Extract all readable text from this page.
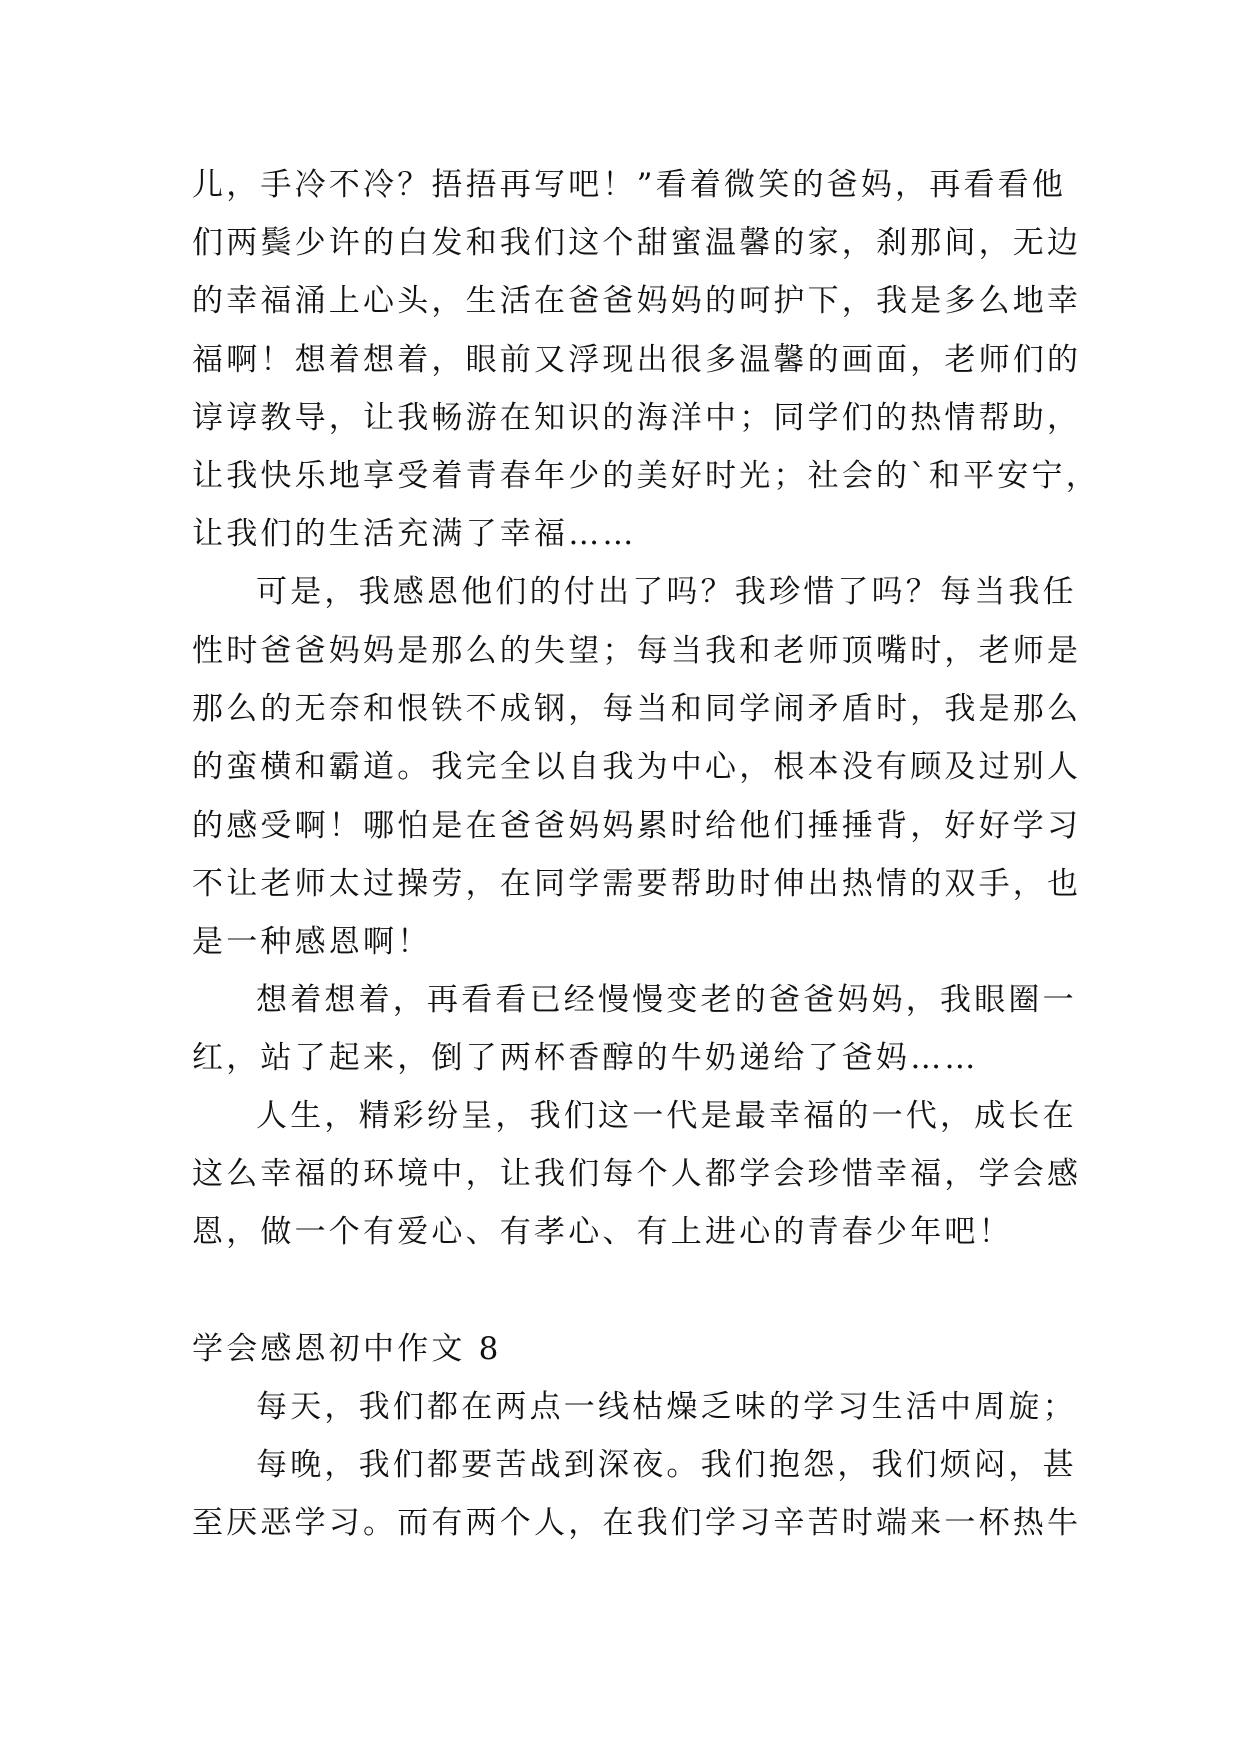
儿，手冷不冷？捂捂再写吧！”看着微笑的爸妈，再看看他
们两鬓少许的白发和我们这个甜蜜温馨的家，刹那间，无边
的幸福涌上心头，生活在爸爸妈妈的呵护下，我是多么地幸
福啊！想着想着，眼前又浮现出很多温馨的画面，老师们的
谆谆教导，让我畅游在知识的海洋中；同学们的热情帮助，
让我快乐地享受着青春年少的美好时光；社会的`和平安宁，
让我们的生活充满了幸福……
可是，我感恩他们的付出了吗？我珍惜了吗？每当我任
性时爸爸妈妈是那么的失望；每当我和老师顶嘴时，老师是
那么的无奈和恨铁不成钢，每当和同学闹矛盾时，我是那么
的蛮横和霸道。我完全以自我为中心，根本没有顾及过别人
的感受啊！哪怕是在爸爸妈妈累时给他们捶捶背，好好学习
不让老师太过操劳，在同学需要帮助时伸出热情的双手，也
是一种感恩啊！
想着想着，再看看已经慢慢变老的爸爸妈妈，我眼圈一
红，站了起来，倒了两杯香醇的牛奶递给了爸妈……
人生，精彩纷呈，我们这一代是最幸福的一代，成长在
这么幸福的环境中，让我们每个人都学会珍惜幸福，学会感
恩，做一个有爱心、有孝心、有上进心的青春少年吧！
学会感恩初中作文 8
每天，我们都在两点一线枯燥乏味的学习生活中周旋；
每晚，我们都要苦战到深夜。我们抱怨，我们烦闷，甚
至厌恶学习。而有两个人，在我们学习辛苦时端来一杯热牛
